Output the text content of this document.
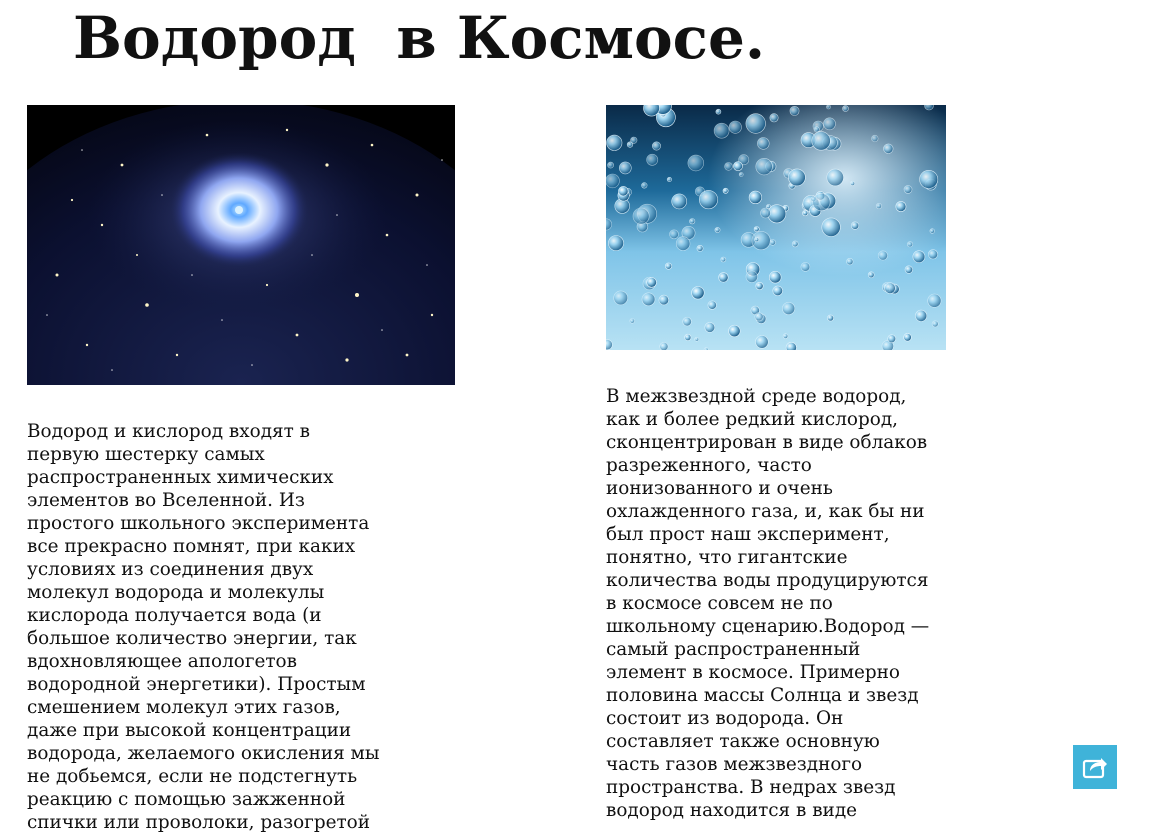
Водород  в Космосе.

Водород и кислород входят в
первую шестерку самых
распространенных химических
элементов во Вселенной. Из
простого школьного эксперимента
все прекрасно помнят, при каких
условиях из соединения двух
молекул водорода и молекулы
кислорода получается вода (и
большое количество энергии, так
вдохновляющее апологетов
водородной энергетики). Простым
смешением молекул этих газов,
даже при высокой концентрации
водорода, желаемого окисления мы
не добьемся, если не подстегнуть
реакцию с помощью зажженной
спички или проволоки, разогретой

В межзвездной среде водород,
как и более редкий кислород,
сконцентрирован в виде облаков
разреженного, часто
ионизованного и очень
охлажденного газа, и, как бы ни
был прост наш эксперимент,
понятно, что гигантские
количества воды продуцируются
в космосе совсем не по
школьному сценарию.Водород —
самый распространенный
элемент в космосе. Примерно
половина массы Солнца и звезд
состоит из водорода. Он
составляет также основную
часть газов межзвездного
пространства. В недрах звезд
водород находится в виде
